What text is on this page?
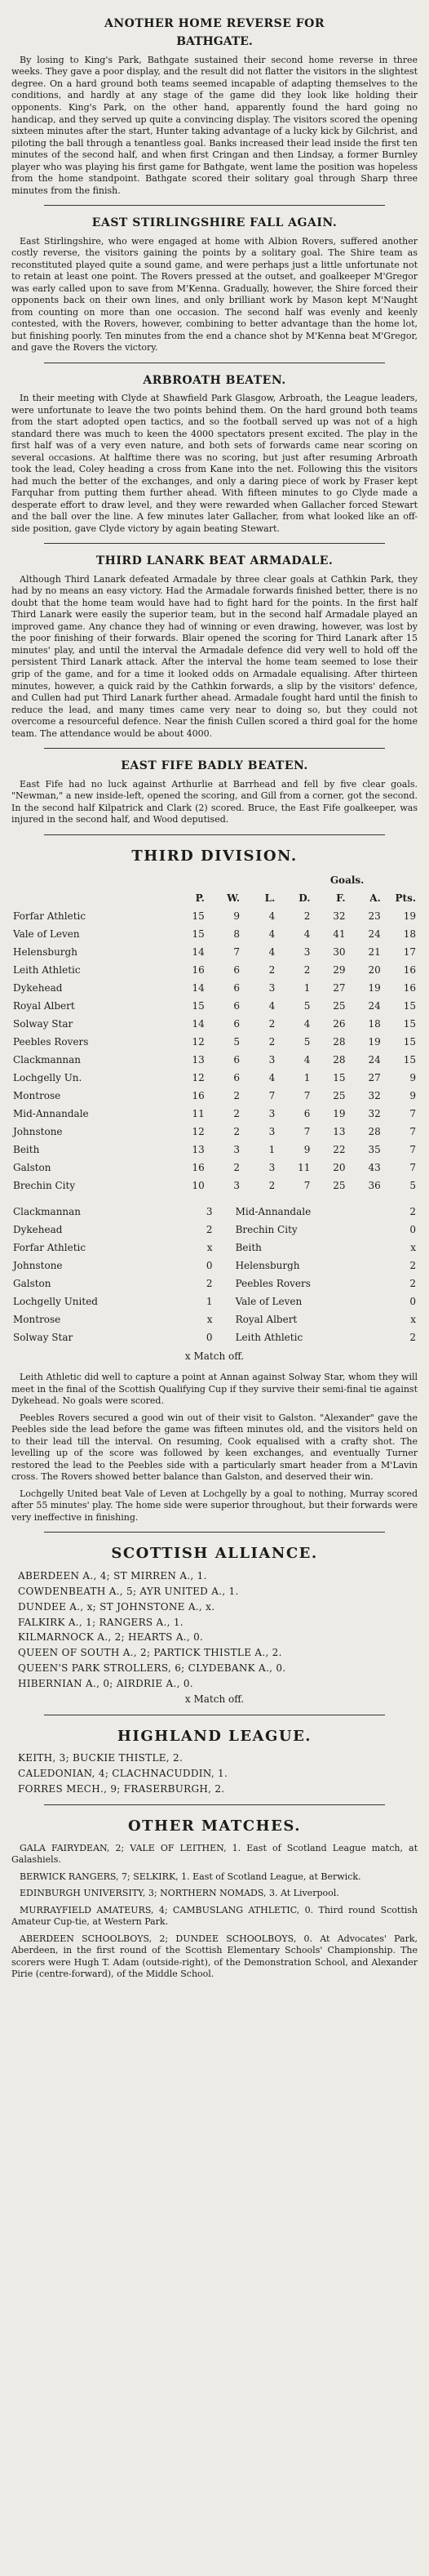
ANOTHER HOME REVERSE FOR
BATHGATE.

By losing to King's Park, Bathgate sustained their second home reverse in three weeks. They gave a poor display, and the result did not flatter the visitors in the slightest degree. On a hard ground both teams seemed incapable of adapting themselves to the conditions, and hardly at any stage of the game did they look like holding their opponents. King's Park, on the other hand, apparently found the hard going no handicap, and they served up quite a convincing display. The visitors scored the opening sixteen minutes after the start, Hunter taking advantage of a lucky kick by Gilchrist, and piloting the ball through a tenantless goal. Banks increased their lead inside the first ten minutes of the second half, and when first Cringan and then Lindsay, a former Burnley player who was playing his first game for Bathgate, went lame the position was hopeless from the home standpoint. Bathgate scored their solitary goal through Sharp three minutes from the finish.

EAST STIRLINGSHIRE FALL AGAIN.

East Stirlingshire, who were engaged at home with Albion Rovers, suffered another costly reverse, the visitors gaining the points by a solitary goal. The Shire team as reconstituted played quite a sound game, and were perhaps just a little unfortunate not to retain at least one point. The Rovers pressed at the outset, and goalkeeper M'Gregor was early called upon to save from M'Kenna. Gradually, however, the Shire forced their opponents back on their own lines, and only brilliant work by Mason kept M'Naught from counting on more than one occasion. The second half was evenly and keenly contested, with the Rovers, however, combining to better advantage than the home lot, but finishing poorly. Ten minutes from the end a chance shot by M'Kenna beat M'Gregor, and gave the Rovers the victory.

ARBROATH BEATEN.

In their meeting with Clyde at Shawfield Park Glasgow, Arbroath, the League leaders, were unfortunate to leave the two points behind them. On the hard ground both teams from the start adopted open tactics, and so the football served up was not of a high standard there was much to keen the 4000 spectators present excited. The play in the first half was of a very even nature, and both sets of forwards came near scoring on several occasions. At halftime there was no scoring, but just after resuming Arbroath took the lead, Coley heading a cross from Kane into the net. Following this the visitors had much the better of the exchanges, and only a daring piece of work by Fraser kept Farquhar from putting them further ahead. With fifteen minutes to go Clyde made a desperate effort to draw level, and they were rewarded when Gallacher forced Stewart and the ball over the line. A few minutes later Gallacher, from what looked like an off-side position, gave Clyde victory by again beating Stewart.

THIRD LANARK BEAT ARMADALE.

Although Third Lanark defeated Armadale by three clear goals at Cathkin Park, they had by no means an easy victory. Had the Armadale forwards finished better, there is no doubt that the home team would have had to fight hard for the points. In the first half Third Lanark were easily the superior team, but in the second half Armadale played an improved game. Any chance they had of winning or even drawing, however, was lost by the poor finishing of their forwards. Blair opened the scoring for Third Lanark after 15 minutes' play, and until the interval the Armadale defence did very well to hold off the persistent Third Lanark attack. After the interval the home team seemed to lose their grip of the game, and for a time it looked odds on Armadale equalising. After thirteen minutes, however, a quick raid by the Cathkin forwards, a slip by the visitors' defence, and Cullen had put Third Lanark further ahead. Armadale fought hard until the finish to reduce the lead, and many times came very near to doing so, but they could not overcome a resourceful defence. Near the finish Cullen scored a third goal for the home team. The attendance would be about 4000.

EAST FIFE BADLY BEATEN.

East Fife had no luck against Arthurlie at Barrhead and fell by five clear goals. "Newman," a new inside-left, opened the scoring, and Gill from a corner, got the second. In the second half Kilpatrick and Clark (2) scored. Bruce, the East Fife goalkeeper, was injured in the second half, and Wood deputised.

THIRD DIVISION.
					Goals.		
	P.	W.	L.	D.	F.	A.	Pts.
Forfar Athletic	15	9	4	2	32	23	19
Vale of Leven	15	8	4	4	41	24	18
Helensburgh	14	7	4	3	30	21	17
Leith Athletic	16	6	2	2	29	20	16
Dykehead	14	6	3	1	27	19	16
Royal Albert	15	6	4	5	25	24	15
Solway Star	14	6	2	4	26	18	15
Peebles Rovers	12	5	2	5	28	19	15
Clackmannan	13	6	3	4	28	24	15
Lochgelly Un.	12	6	4	1	15	27	9
Montrose	16	2	7	7	25	32	9
Mid-Annandale	11	2	3	6	19	32	7
Johnstone	12	2	3	7	13	28	7
Beith	13	3	1	9	22	35	7
Galston	16	2	3	11	20	43	7
Brechin City	10	3	2	7	25	36	5
Clackmannan	3		Mid-Annandale	2
Dykehead	2		Brechin City	0
Forfar Athletic	x		Beith	x
Johnstone	0		Helensburgh	2
Galston	2		Peebles Rovers	2
Lochgelly United	1		Vale of Leven	0
Montrose	x		Royal Albert	x
Solway Star	0		Leith Athletic	2
x Match off.

Leith Athletic did well to capture a point at Annan against Solway Star, whom they will meet in the final of the Scottish Qualifying Cup if they survive their semi-final tie against Dykehead. No goals were scored.

Peebles Rovers secured a good win out of their visit to Galston. "Alexander" gave the Peebles side the lead before the game was fifteen minutes old, and the visitors held on to their lead till the interval. On resuming, Cook equalised with a crafty shot. The levelling up of the score was followed by keen exchanges, and eventually Turner restored the lead to the Peebles side with a particularly smart header from a M'Lavin cross. The Rovers showed better balance than Galston, and deserved their win.

Lochgelly United beat Vale of Leven at Lochgelly by a goal to nothing, Murray scored after 55 minutes' play. The home side were superior throughout, but their forwards were very ineffective in finishing.

SCOTTISH ALLIANCE.

ABERDEEN A., 4; ST MIRREN A., 1.

COWDENBEATH A., 5; AYR UNITED A., 1.

DUNDEE A., x; ST JOHNSTONE A., x.

FALKIRK A., 1; RANGERS A., 1.

KILMARNOCK A., 2; HEARTS A., 0.

QUEEN OF SOUTH A., 2; PARTICK THISTLE A., 2.

QUEEN'S PARK STROLLERS, 6; CLYDEBANK A., 0.

HIBERNIAN A., 0; AIRDRIE A., 0.

x Match off.
HIGHLAND LEAGUE.

KEITH, 3; BUCKIE THISTLE, 2.

CALEDONIAN, 4; CLACHNACUDDIN, 1.

FORRES MECH., 9; FRASERBURGH, 2.

OTHER MATCHES.

GALA FAIRYDEAN, 2; VALE OF LEITHEN, 1. East of Scotland League match, at Galashiels.

BERWICK RANGERS, 7; SELKIRK, 1. East of Scotland League, at Berwick.

EDINBURGH UNIVERSITY, 3; NORTHERN NOMADS, 3. At Liverpool.

MURRAYFIELD AMATEURS, 4; CAMBUSLANG ATHLETIC, 0. Third round Scottish Amateur Cup-tie, at Western Park.

ABERDEEN SCHOOLBOYS, 2; DUNDEE SCHOOLBOYS, 0. At Advocates' Park, Aberdeen, in the first round of the Scottish Elementary Schools' Championship. The scorers were Hugh T. Adam (outside-right), of the Demonstration School, and Alexander Pirie (centre-forward), of the Middle School.
